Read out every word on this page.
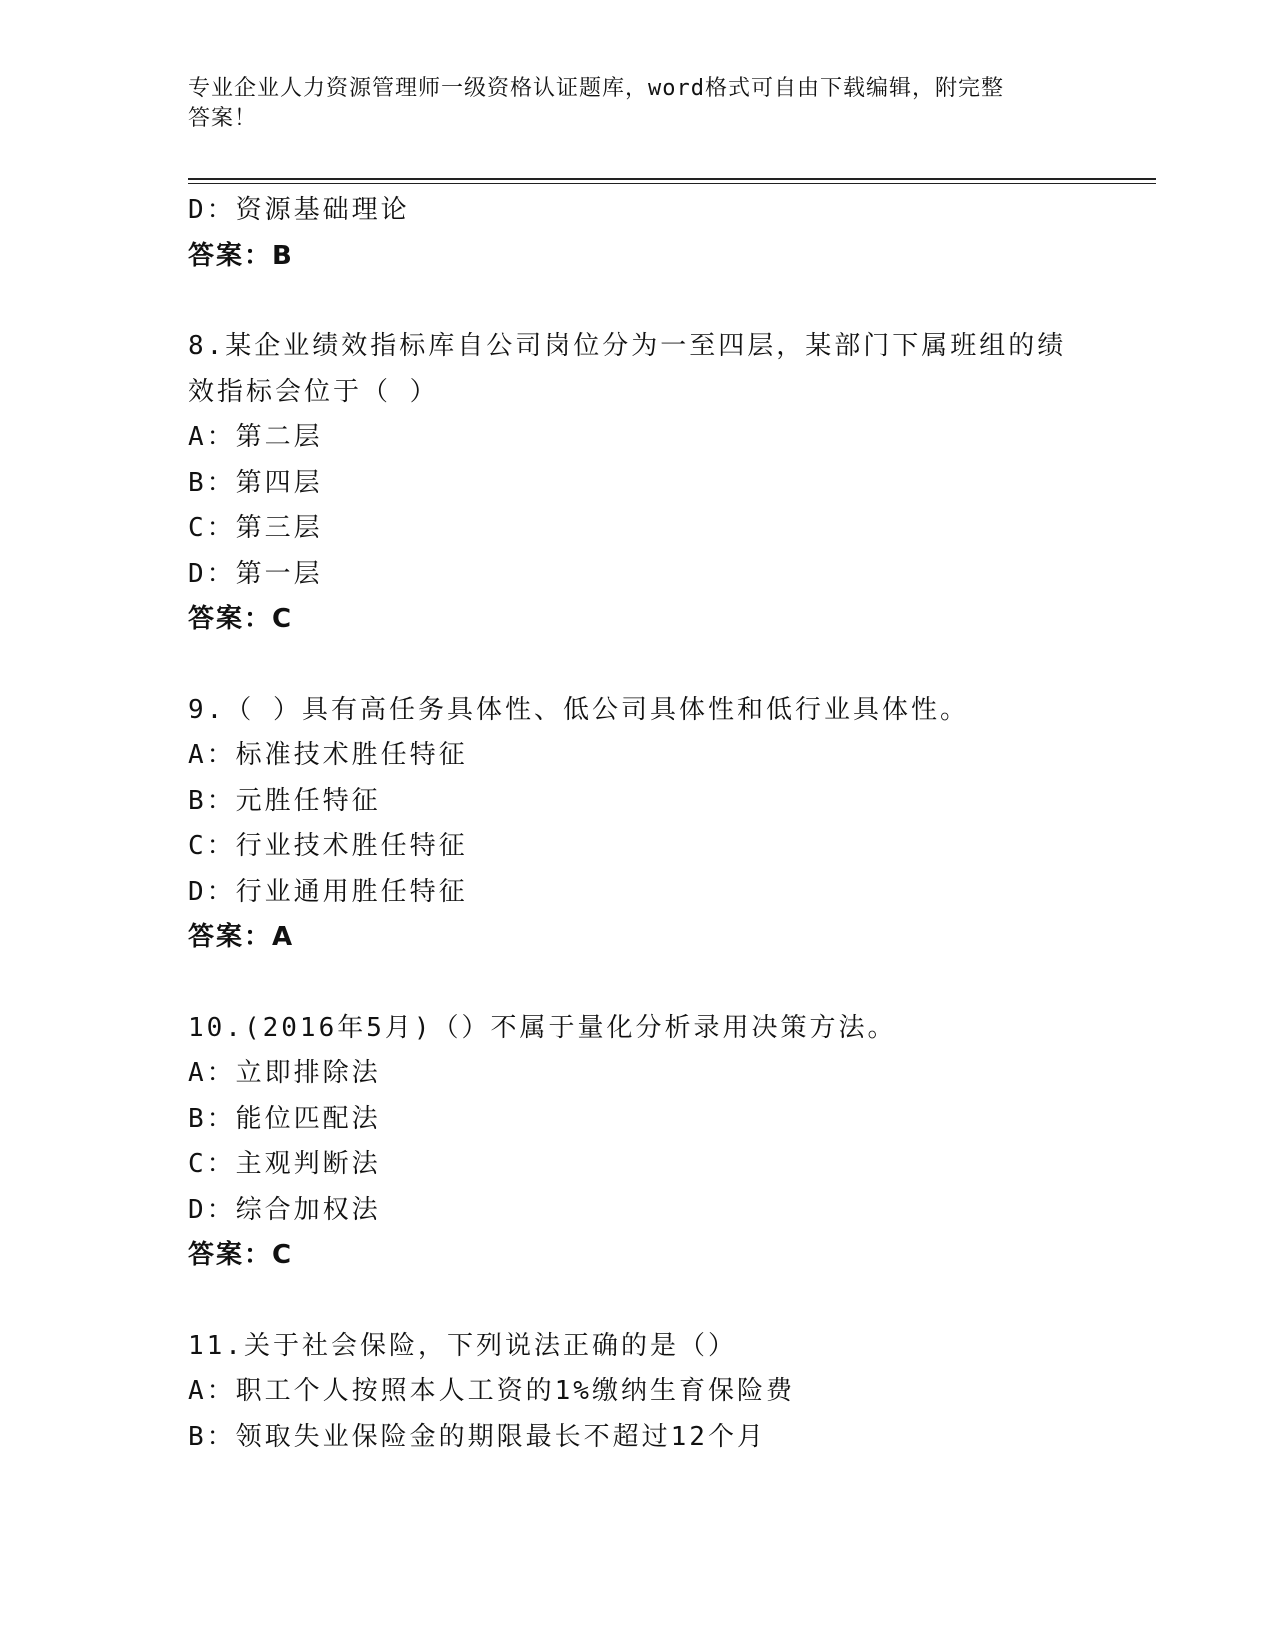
专业企业人力资源管理师一级资格认证题库，word格式可自由下载编辑，附完整
答案！
D：资源基础理论
答案：B
8.某企业绩效指标库自公司岗位分为一至四层，某部门下属班组的绩
效指标会位于（ ）
A：第二层
B：第四层
C：第三层
D：第一层
答案：C
9.（ ）具有高任务具体性、低公司具体性和低行业具体性。
A：标准技术胜任特征
B：元胜任特征
C：行业技术胜任特征
D：行业通用胜任特征
答案：A
10.(2016年5月)（）不属于量化分析录用决策方法。
A：立即排除法
B：能位匹配法
C：主观判断法
D：综合加权法
答案：C
11.关于社会保险，下列说法正确的是（）
A：职工个人按照本人工资的1%缴纳生育保险费
B：领取失业保险金的期限最长不超过12个月
